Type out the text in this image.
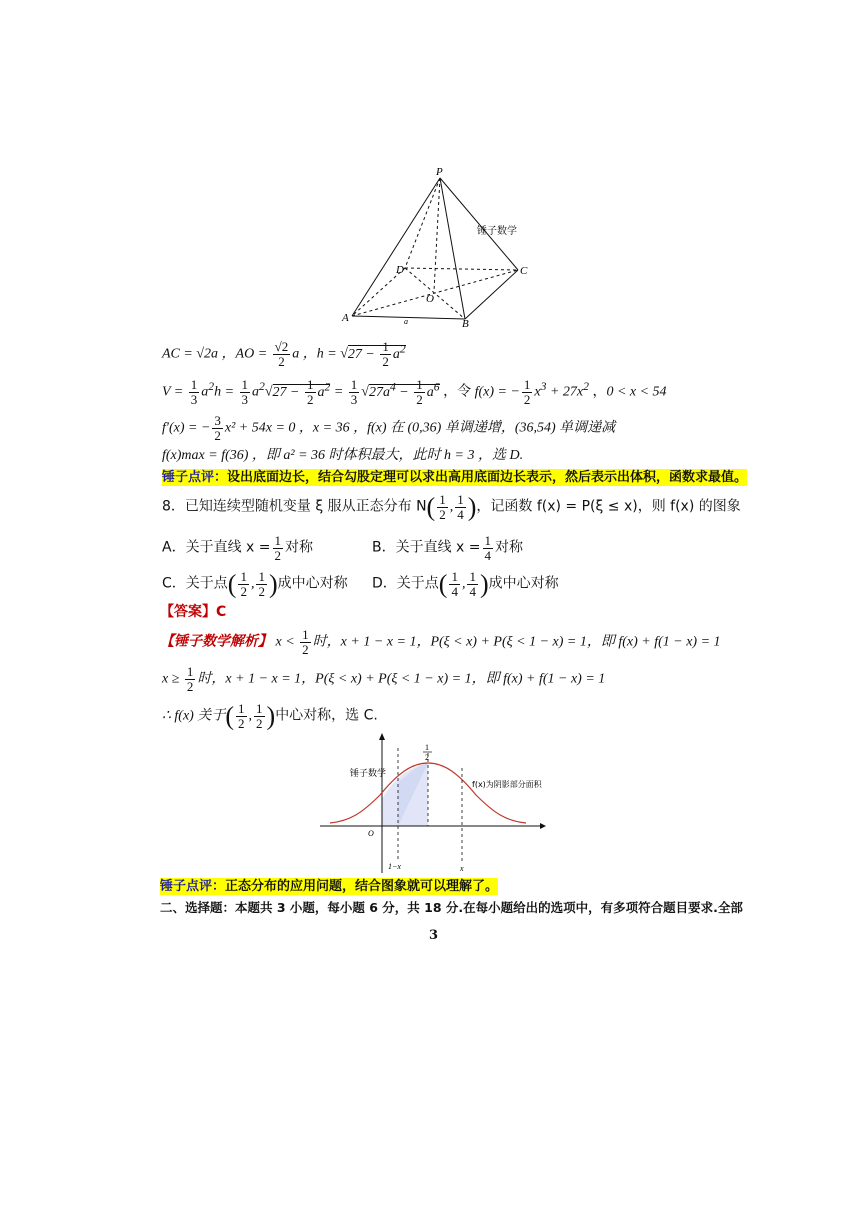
P
D	C
O
A	B
a
锤子数学
AC = √2a ，AO = $\frac{√2}{2}$ a ，$h = √27 - \frac{1}{2} a^2$
$V = \frac{1}{3} a^2h = \frac{1}{3} a^2√27 - \frac{1}{2} a^2 = \frac{1}{3} √27a^4 - \frac{1}{2} a^6$ ，令 f(x) = − $\frac{1}{2} x^3 + 27x^2$ ，0 < x < 54
f′(x) = − $\frac{3}{2} x^2 + 54x = 0$ ，x = 36 ，f(x) 在 (0,36) 单调递增，(36,54) 单调递减
f(x)max = f(36) ，即 a² = 36 时体积最大，此时 h = 3 ，选 D.
锤子点评：设出底面边长，结合勾股定理可以求出高用底面边长表示，然后表示出体积，函数求最值。
8．已知连续型随机变量 ξ 服从正态分布 $N( \frac{1}{2}$ , $\frac{1}{4}$ )，记函数 f(x) = P(ξ ≤ x)，则 f(x) 的图象
A．关于直线 $x = \frac{1}{2}$ 对称	B．关于直线 $x = \frac{1}{4}$ 对称
C．关于点( $\frac{1}{2}$ , $\frac{1}{2}$ )成中心对称 D．关于点( $\frac{1}{4}$ , $\frac{1}{4}$ )成中心对称
【答案】C
【锤子数学解析】 $x < \frac{1}{2}$ 时，x + 1 − x = 1，P(ξ < x) + P(ξ < 1 − x) = 1，即 f(x) + f(1 − x) = 1
$x \ge \frac{1}{2}$ 时，x + 1 − x = 1，P(ξ < x) + P(ξ < 1 − x) = 1，即 f(x) + f(1 − x) = 1
∴ f(x) 关于( $\frac{1}{2}$ , $\frac{1}{2}$ )中心对称，选 C.
锤子数学
1
2
O
1−x	x
f(x)为阴影部分面积
锤子点评：正态分布的应用问题，结合图象就可以理解了。
二、选择题：本题共 3 小题，每小题 6 分，共 18 分.在每小题给出的选项中，有多项符合题目要求.全部
3
